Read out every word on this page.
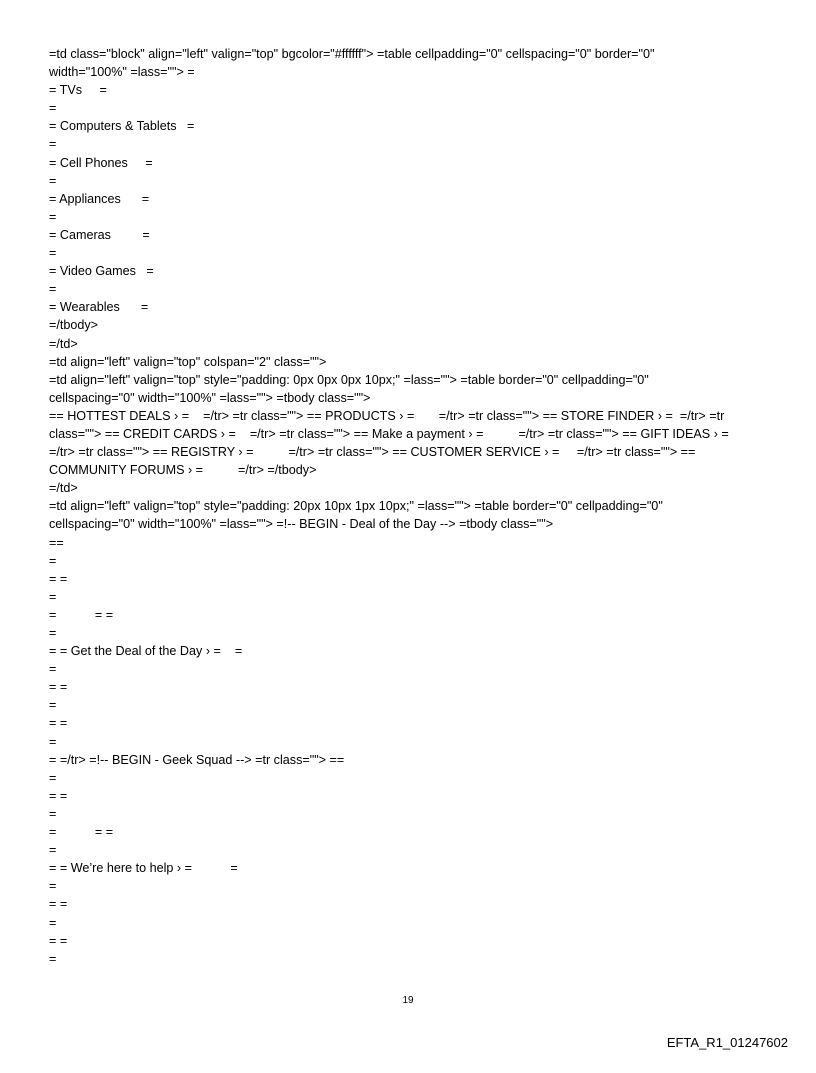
=td class="block" align="left" valign="top" bgcolor="#ffffff"> =table cellpadding="0" cellspacing="0" border="0"
width="100%" =lass=""> =
= TVs     =
=
= Computers & Tablets   =
=
= Cell Phones     =
=
= Appliances      =
=
= Cameras         =
=
= Video Games   =
=
= Wearables      =
=/tbody>
=/td>
=td align="left" valign="top" colspan="2" class="">
=td align="left" valign="top" style="padding: 0px 0px 0px 10px;" =lass=""> =table border="0" cellpadding="0"
cellspacing="0" width="100%" =lass=""> =tbody class="">
== HOTTEST DEALS › =    =/tr> =tr class=""> == PRODUCTS › =       =/tr> =tr class=""> == STORE FINDER › =  =/tr> =tr
class=""> == CREDIT CARDS › =    =/tr> =tr class=""> == Make a payment › =          =/tr> =tr class=""> == GIFT IDEAS › =
=/tr> =tr class=""> == REGISTRY › =          =/tr> =tr class=""> == CUSTOMER SERVICE › =     =/tr> =tr class=""> ==
COMMUNITY FORUMS › =          =/tr> =/tbody>
=/td>
=td align="left" valign="top" style="padding: 20px 10px 1px 10px;" =lass=""> =table border="0" cellpadding="0"
cellspacing="0" width="100%" =lass=""> =!-- BEGIN - Deal of the Day --> =tbody class="">
==
=
= =
=
=           = =
=
= = Get the Deal of the Day › =    =
=
= =
=
= =
=
= =/tr> =!-- BEGIN - Geek Squad --> =tr class=""> ==
=
= =
=
=           = =
=
= = We’re here to help › =           =
=
= =
=
= =
=
19
EFTA_R1_01247602
